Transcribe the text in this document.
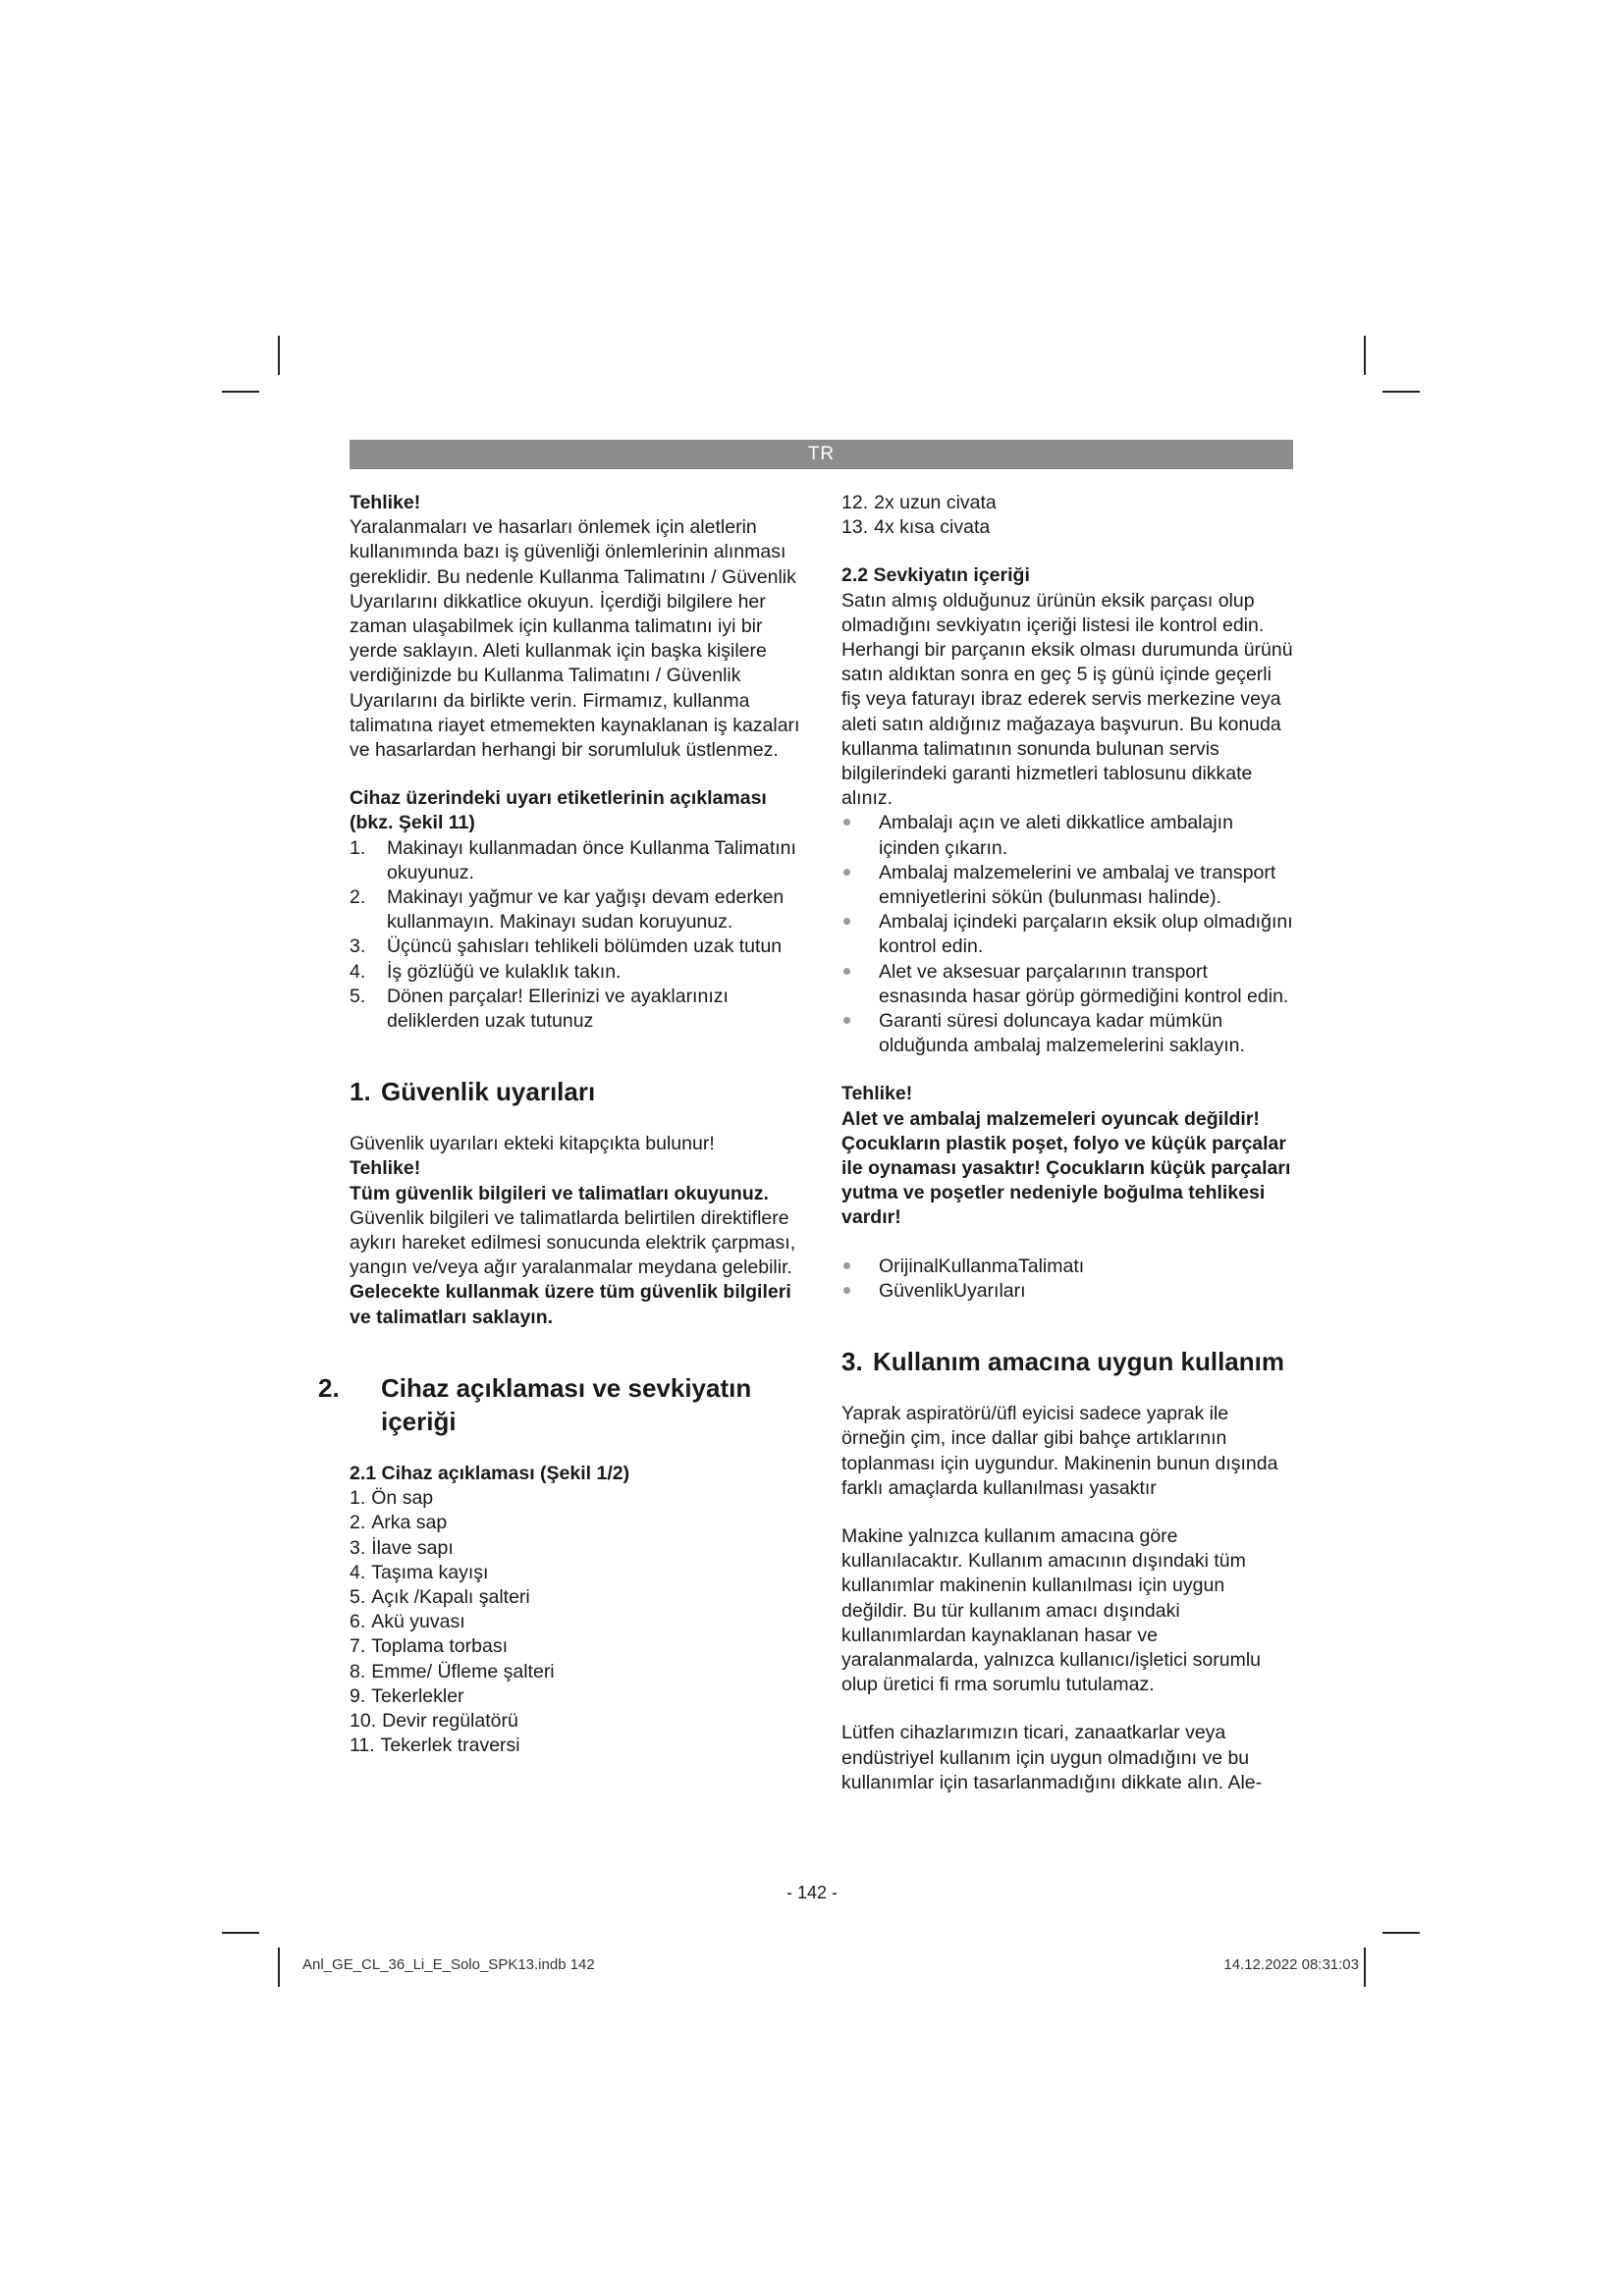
TR

Tehlike!

Yaralanmaları ve hasarları önlemek için aletlerin kullanımında bazı iş güvenliği önlemlerinin alınması gereklidir. Bu nedenle Kullanma Talimatını / Güvenlik Uyarılarını dikkatlice okuyun. İçerdiği bilgilere her zaman ulaşabilmek için kullanma talimatını iyi bir yerde saklayın. Aleti kullanmak için başka kişilere verdiğinizde bu Kullanma Talimatını / Güvenlik Uyarılarını da birlikte verin. Firmamız, kullanma talimatına riayet etmemekten kaynaklanan iş kazaları ve hasarlardan herhangi bir sorumluluk üstlenmez.

Cihaz üzerindeki uyarı etiketlerinin açıklaması (bkz. Şekil 11)

1. Makinayı kullanmadan önce Kullanma Talimatını okuyunuz.
2. Makinayı yağmur ve kar yağışı devam ederken kullanmayın. Makinayı sudan koruyunuz.
3. Üçüncü şahısları tehlikeli bölümden uzak tutun
4. İş gözlüğü ve kulaklık takın.
5. Dönen parçalar! Ellerinizi ve ayaklarınızı deliklerden uzak tutunuz
1. Güvenlik uyarıları

Güvenlik uyarıları ekteki kitapçıkta bulunur!

Tehlike!

Tüm güvenlik bilgileri ve talimatları okuyunuz. Güvenlik bilgileri ve talimatlarda belirtilen direktiflere aykırı hareket edilmesi sonucunda elektrik çarpması, yangın ve/veya ağır yaralanmalar meydana gelebilir. Gelecekte kullanmak üzere tüm güvenlik bilgileri ve talimatları saklayın.

2. Cihaz açıklaması ve sevkiyatın içeriği

2.1 Cihaz açıklaması (Şekil 1/2)

1. Ön sap
2. Arka sap
3. İlave sapı
4. Taşıma kayışı
5. Açık /Kapalı şalteri
6. Akü yuvası
7. Toplama torbası
8. Emme/ Üfleme şalteri
9. Tekerlekler
10. Devir regülatörü
11. Tekerlek traversi
12. 2x uzun civata
13. 4x kısa civata

2.2 Sevkiyatın içeriği

Satın almış olduğunuz ürünün eksik parçası olup olmadığını sevkiyatın içeriği listesi ile kontrol edin. Herhangi bir parçanın eksik olması durumunda ürünü satın aldıktan sonra en geç 5 iş günü içinde geçerli fiş veya faturayı ibraz ederek servis merkezine veya aleti satın aldığınız mağazaya başvurun. Bu konuda kullanma talimatının sonunda bulunan servis bilgilerindeki garanti hizmetleri tablosunu dikkate alınız.

Ambalajı açın ve aleti dikkatlice ambalajın içinden çıkarın.
Ambalaj malzemelerini ve ambalaj ve transport emniyetlerini sökün (bulunması halinde).
Ambalaj içindeki parçaların eksik olup olmadığını kontrol edin.
Alet ve aksesuar parçalarının transport esnasında hasar görüp görmediğini kontrol edin.
Garanti süresi doluncaya kadar mümkün olduğunda ambalaj malzemelerini saklayın.

Tehlike!

Alet ve ambalaj malzemeleri oyuncak değildir! Çocukların plastik poşet, folyo ve küçük parçalar ile oynaması yasaktır! Çocukların küçük parçaları yutma ve poşetler nedeniyle boğulma tehlikesi vardır!

OrijinalKullanmaTalimatı
GüvenlikUyarıları
3. Kullanım amacına uygun kullanım

Yaprak aspiratörü/üfl eyicisi sadece yaprak ile örneğin çim, ince dallar gibi bahçe artıklarının toplanması için uygundur. Makinenin bunun dışında farklı amaçlarda kullanılması yasaktır

Makine yalnızca kullanım amacına göre kullanılacaktır. Kullanım amacının dışındaki tüm kullanımlar makinenin kullanılması için uygun değildir. Bu tür kullanım amacı dışındaki kullanımlardan kaynaklanan hasar ve yaralanmalarda, yalnızca kullanıcı/işletici sorumlu olup üretici fi rma sorumlu tutulamaz.

Lütfen cihazlarımızın ticari, zanaatkarlar veya endüstriyel kullanım için uygun olmadığını ve bu kullanımlar için tasarlanmadığını dikkate alın. Ale-

- 142 -
Anl_GE_CL_36_Li_E_Solo_SPK13.indb 142	14.12.2022 08:31:03
